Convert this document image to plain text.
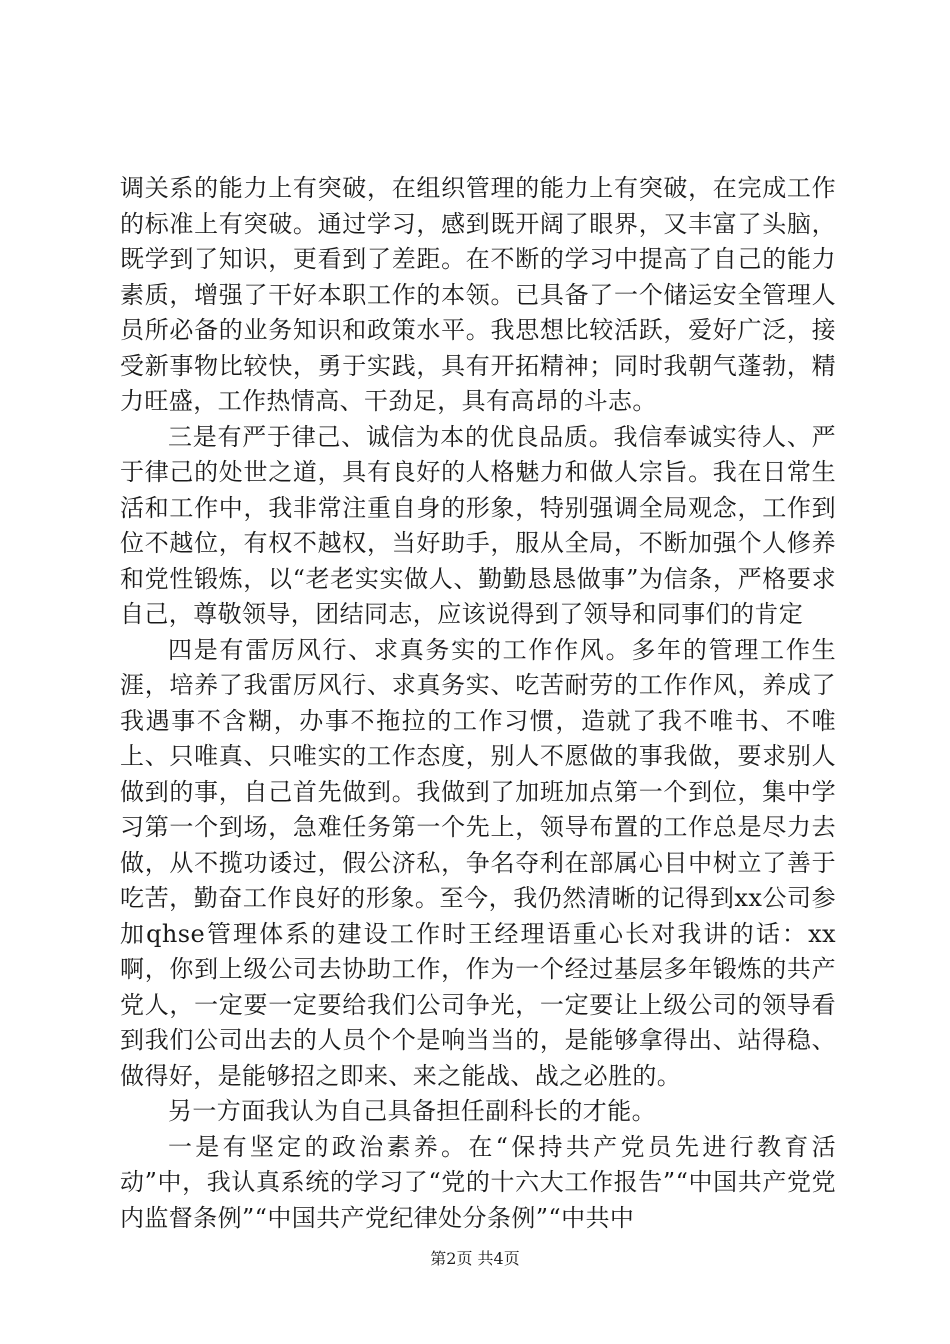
调关系的能力上有突破，在组织管理的能力上有突破，在完成工作的标准上有突破。通过学习，感到既开阔了眼界，又丰富了头脑，既学到了知识，更看到了差距。在不断的学习中提高了自己的能力素质，增强了干好本职工作的本领。已具备了一个储运安全管理人员所必备的业务知识和政策水平。我思想比较活跃，爱好广泛，接受新事物比较快，勇于实践，具有开拓精神；同时我朝气蓬勃，精力旺盛，工作热情高、干劲足，具有高昂的斗志。

三是有严于律己、诚信为本的优良品质。我信奉诚实待人、严于律己的处世之道，具有良好的人格魅力和做人宗旨。我在日常生活和工作中，我非常注重自身的形象，特别强调全局观念，工作到位不越位，有权不越权，当好助手，服从全局，不断加强个人修养和党性锻炼，以“老老实实做人、勤勤恳恳做事”为信条，严格要求自己，尊敬领导，团结同志，应该说得到了领导和同事们的肯定

四是有雷厉风行、求真务实的工作作风。多年的管理工作生涯，培养了我雷厉风行、求真务实、吃苦耐劳的工作作风，养成了我遇事不含糊，办事不拖拉的工作习惯，造就了我不唯书、不唯上、只唯真、只唯实的工作态度，别人不愿做的事我做，要求别人做到的事，自己首先做到。我做到了加班加点第一个到位，集中学习第一个到场，急难任务第一个先上，领导布置的工作总是尽力去做，从不揽功诿过，假公济私，争名夺利在部属心目中树立了善于吃苦，勤奋工作良好的形象。至今，我仍然清晰的记得到xx公司参加qhse管理体系的建设工作时王经理语重心长对我讲的话：xx啊，你到上级公司去协助工作，作为一个经过基层多年锻炼的共产党人，一定要一定要给我们公司争光，一定要让上级公司的领导看到我们公司出去的人员个个是响当当的，是能够拿得出、站得稳、做得好，是能够招之即来、来之能战、战之必胜的。

另一方面我认为自己具备担任副科长的才能。

一是有坚定的政治素养。在“保持共产党员先进行教育活动”中，我认真系统的学习了“党的十六大工作报告”“中国共产党党内监督条例”“中国共产党纪律处分条例”“中共中

第2页 共4页
